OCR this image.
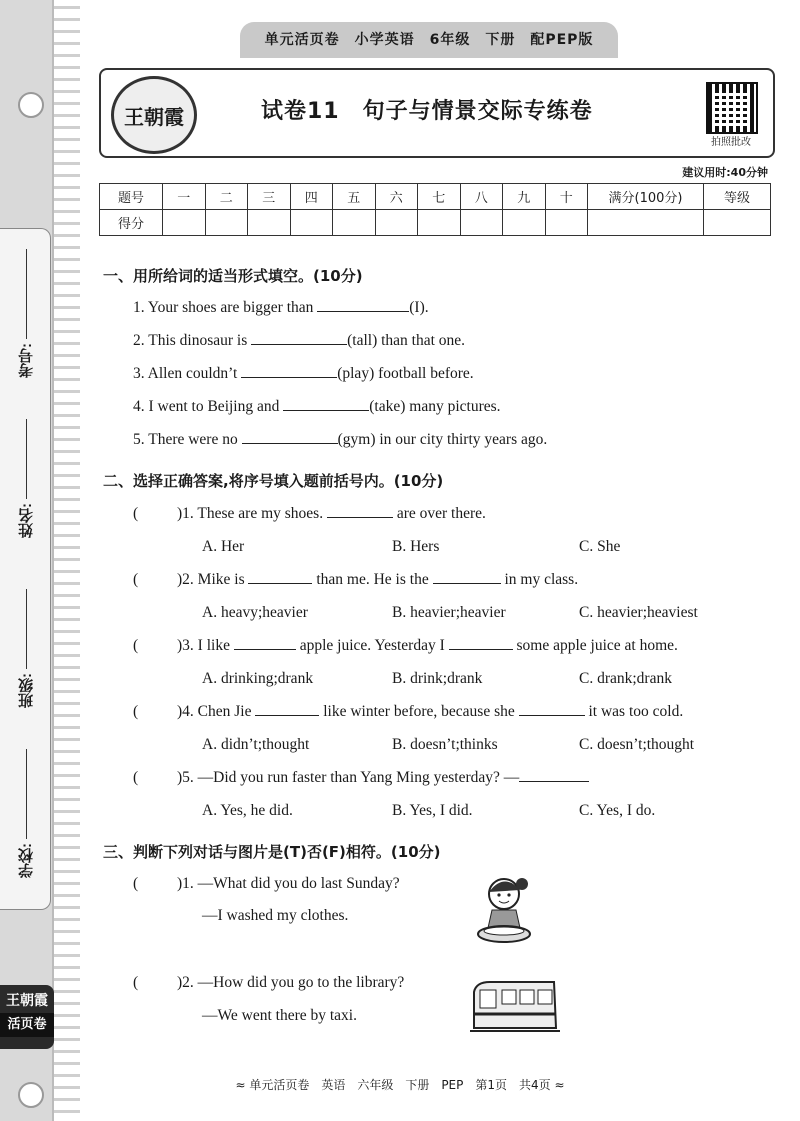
考号:
姓名:
班级:
学校:
王朝霞
活页卷
单元活页卷　小学英语　6年级　下册　配PEP版
王朝霞	试卷11　句子与情景交际专练卷
拍照批改
建议用时:40分钟
题号	一	二	三	四	五	六	七	八	九	十	满分(100分)	等级
得分												
一、用所给词的适当形式填空。(10分)
1. Your shoes are bigger than	(I).
2. This dinosaur is	(tall) than that one.
3. Allen couldn’t	(play) football before.
4. I went to Beijing and	(take) many pictures.
5. There were no	(gym) in our city thirty years ago.
二、选择正确答案,将序号填入题前括号内。(10分)
(	)1. These are my shoes.	are over there.
A. Her	B. Hers	C. She
(	)2. Mike is	than me. He is the	in my class.
A. heavy;heavier	B. heavier;heavier	C. heavier;heaviest
(	)3. I like	apple juice. Yesterday I	some apple juice at home.
A. drinking;drank	B. drink;drank	C. drank;drank
(	)4. Chen Jie	like winter before, because she	it was too cold.
A. didn’t;thought	B. doesn’t;thinks	C. doesn’t;thought
(	)5. —Did you run faster than Yang Ming yesterday? —
A. Yes, he did.	B. Yes, I did.	C. Yes, I do.
三、判断下列对话与图片是(T)否(F)相符。(10分)
(	)1. —What did you do last Sunday?
—I washed my clothes.
(	)2. —How did you go to the library?
—We went there by taxi.
≈ 单元活页卷　英语　六年级　下册　PEP　第1页　共4页 ≈
